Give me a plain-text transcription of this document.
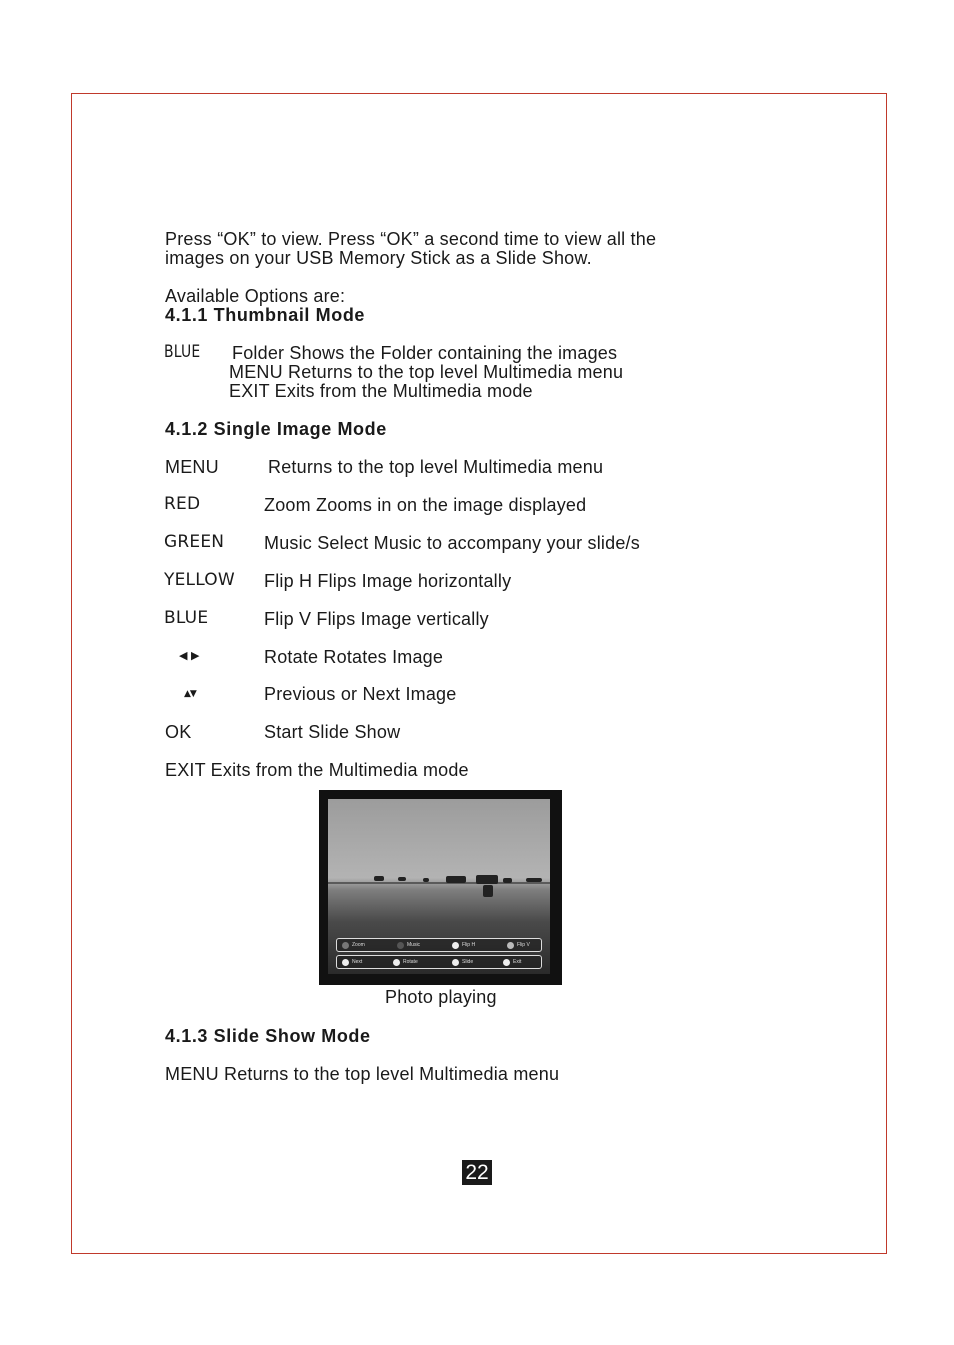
Press “OK” to view. Press “OK” a second time to view all the
images on your USB Memory Stick as a Slide Show.
Available Options are:
4.1.1 Thumbnail Mode
BLUE	Folder Shows the Folder containing the images
MENU Returns to the top level Multimedia menu
EXIT Exits from the Multimedia mode
4.1.2 Single Image Mode
MENU	Returns to the top level Multimedia menu
RED	Zoom Zooms in on the image displayed
GREEN Music Select Music to accompany your slide/s
YELLOW Flip H Flips Image horizontally
BLUE	Flip V Flips Image vertically
◀ ▶	Rotate Rotates Image
▲▼	Previous or Next Image
OK	Start Slide Show
EXIT Exits from the Multimedia mode
Zoom	Music	Flip H	Flip V
Next	Rotate	Slide	Exit
Photo playing
4.1.3 Slide Show Mode
MENU Returns to the top level Multimedia menu
22
